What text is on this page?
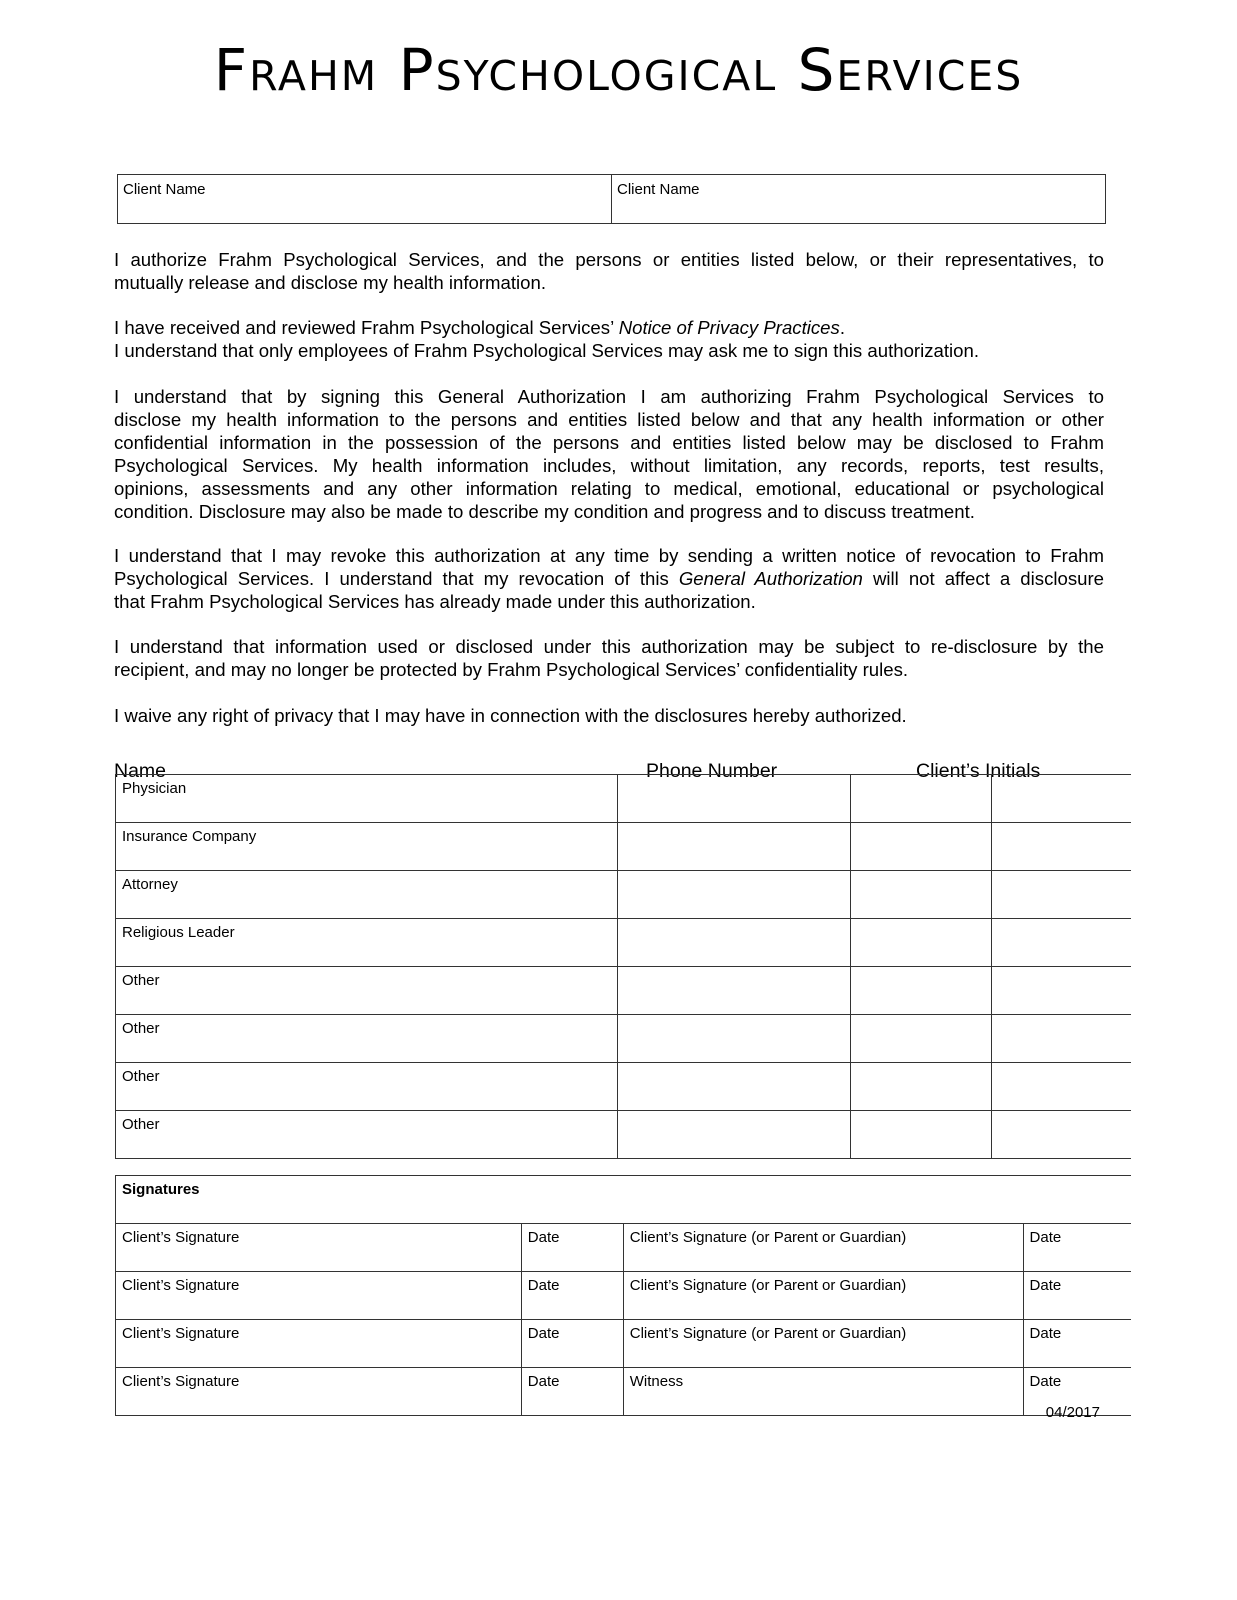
Frahm Psychological Services
Client Name	Client Name
I authorize Frahm Psychological Services, and the persons or entities listed below, or their representatives, to
mutually release and disclose my health information.
I have received and reviewed Frahm Psychological Services’ Notice of Privacy Practices.
I understand that only employees of Frahm Psychological Services may ask me to sign this authorization.
I understand that by signing this General Authorization I am authorizing Frahm Psychological Services to
disclose my health information to the persons and entities listed below and that any health information or other
confidential information in the possession of the persons and entities listed below may be disclosed to Frahm
Psychological Services. My health information includes, without limitation, any records, reports, test results,
opinions, assessments and any other information relating to medical, emotional, educational or psychological
condition. Disclosure may also be made to describe my condition and progress and to discuss treatment.
I understand that I may revoke this authorization at any time by sending a written notice of revocation to Frahm
Psychological Services. I understand that my revocation of this General Authorization will not affect a disclosure
that Frahm Psychological Services has already made under this authorization.
I understand that information used or disclosed under this authorization may be subject to re-disclosure by the
recipient, and may no longer be protected by Frahm Psychological Services’ confidentiality rules.
I waive any right of privacy that I may have in connection with the disclosures hereby authorized.
Name	Phone Number	Client’s Initials
Physician			
Insurance Company			
Attorney			
Religious Leader			
Other			
Other			
Other			
Other			
Signatures			
Client’s Signature	Date	Client’s Signature (or Parent or Guardian)	Date
Client’s Signature	Date	Client’s Signature (or Parent or Guardian)	Date
Client’s Signature	Date	Client’s Signature (or Parent or Guardian)	Date
Client’s Signature	Date	Witness	Date
04/2017
